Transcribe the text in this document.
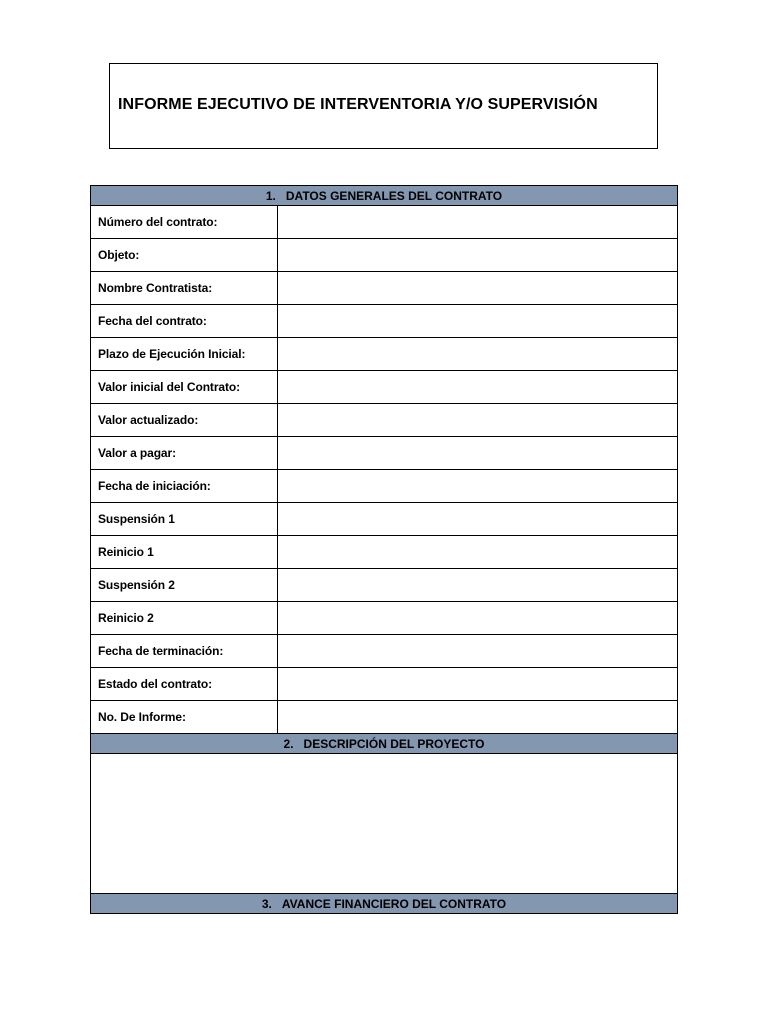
INFORME EJECUTIVO DE INTERVENTORIA Y/O SUPERVISIÓN
1. DATOS GENERALES DEL CONTRATO	
Número del contrato:	
Objeto:	
Nombre Contratista:	
Fecha del contrato:	
Plazo de Ejecución Inicial:	
Valor inicial del Contrato:	
Valor actualizado:	
Valor a pagar:	
Fecha de iniciación:	
Suspensión 1	
Reinicio 1	
Suspensión 2	
Reinicio 2	
Fecha de terminación:	
Estado del contrato:	
No. De Informe:	
2. DESCRIPCIÓN DEL PROYECTO	

3. AVANCE FINANCIERO DEL CONTRATO	
